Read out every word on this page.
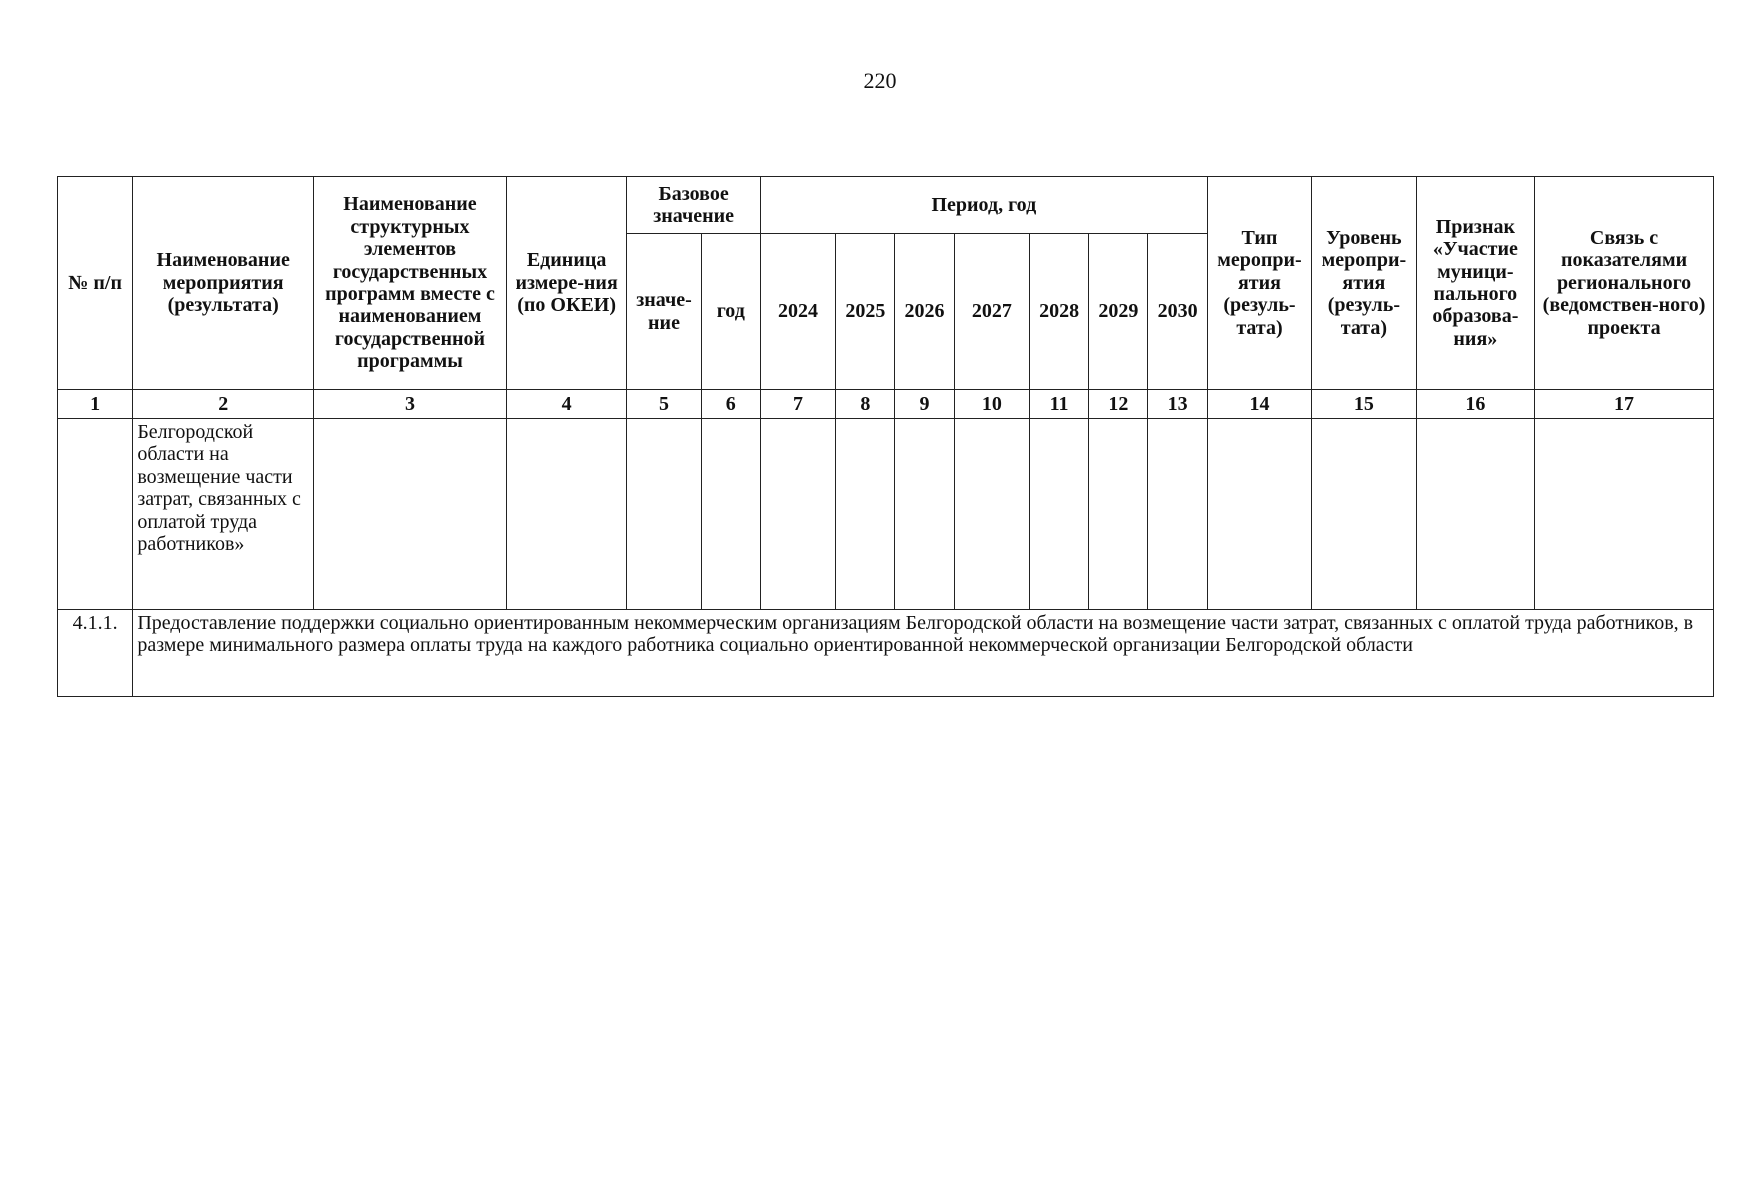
220
№ п/п	Наименование мероприятия (результата)	Наименование структурных элементов государственных программ вместе с наименованием государственной программы	Единица измере-ния (по ОКЕИ)	Базовое значение		Период, год							Тип меропри-ятия (резуль-тата)	Уровень меропри-ятия (резуль-тата)	Признак «Участие муници-пального образова-ния»	Связь с показателями регионального (ведомствен-ного) проекта
				значе-ние	год	2024	2025	2026	2027	2028	2029	2030				
1	2	3	4	5	6	7	8	9	10	11	12	13	14	15	16	17
	Белгородской области на возмещение части затрат, связанных с оплатой труда работников»															
4.1.1.	Предоставление поддержки социально ориентированным некоммерческим организациям Белгородской области на возмещение части затрат, связанных с оплатой труда работников, в размере минимального размера оплаты труда на каждого работника социально ориентированной некоммерческой организации Белгородской области															
